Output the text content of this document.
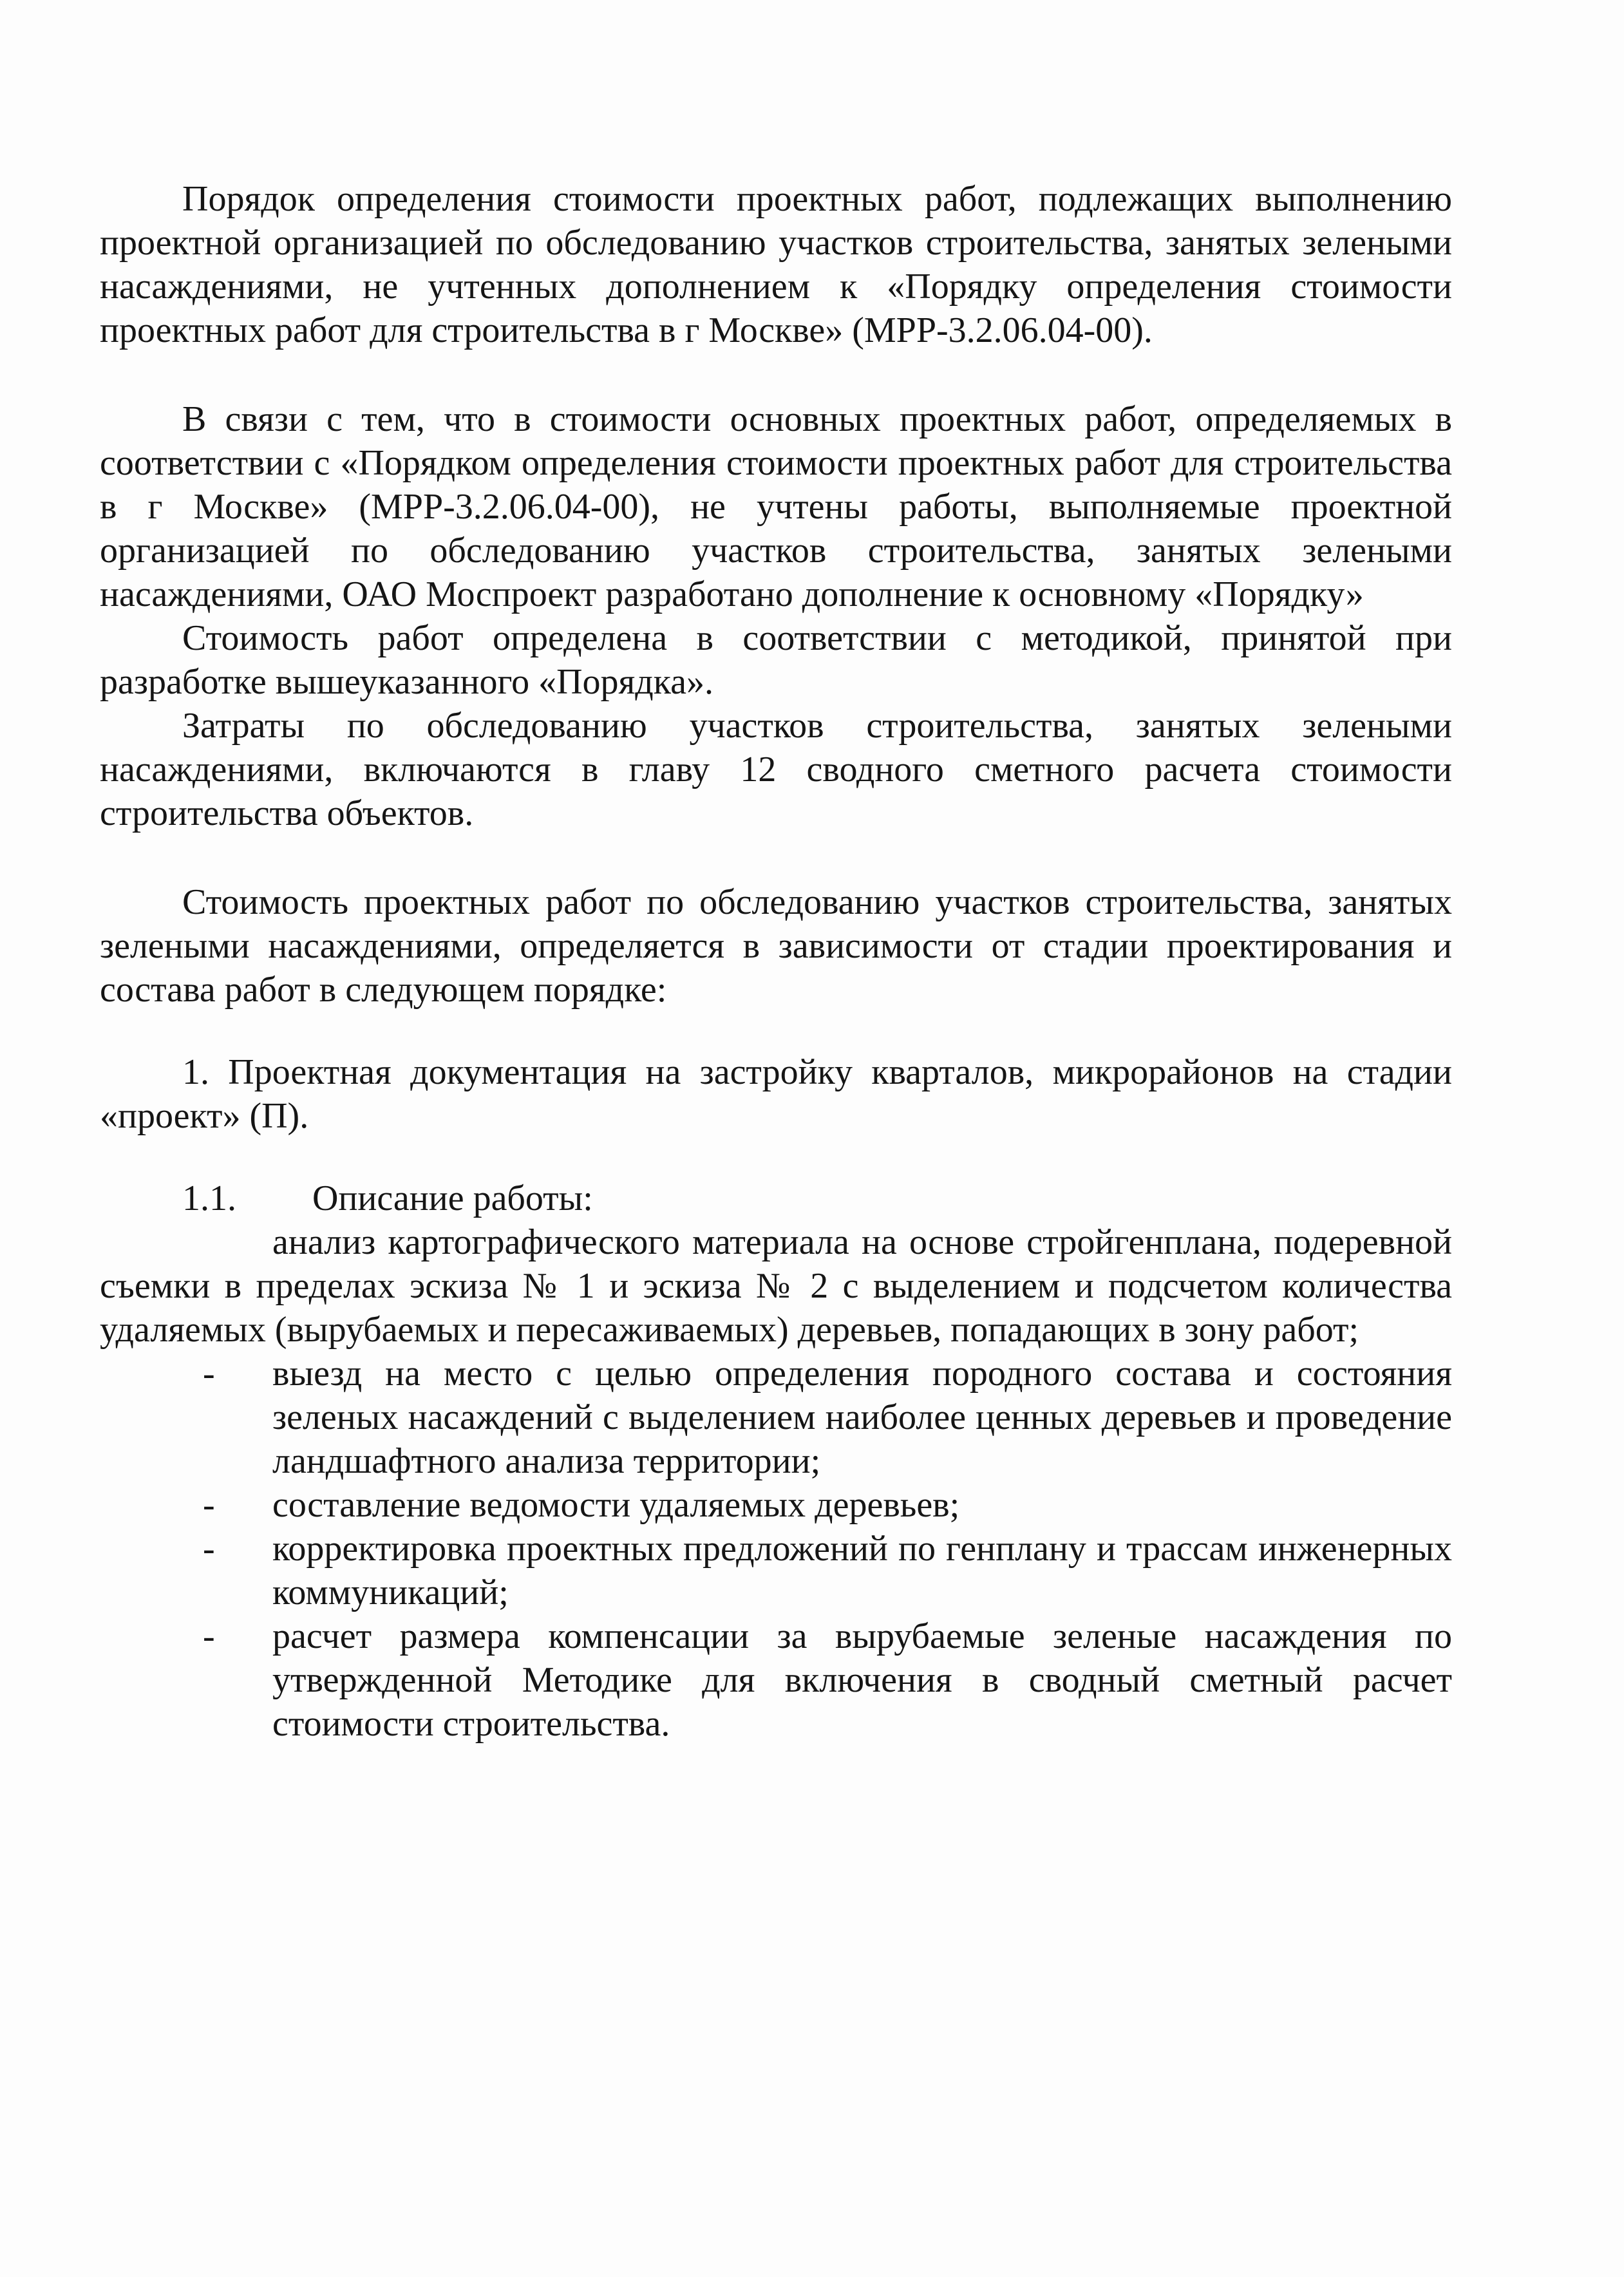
Порядок определения стоимости проектных работ, подлежащих выполнению проектной организацией по обследованию участков строительства, занятых зелеными насаждениями, не учтенных дополнением к «Порядку определения стоимости проектных работ для строительства в г Москве» (МРР-3.2.06.04-00).

В связи с тем, что в стоимости основных проектных работ, определяемых в соответствии с «Порядком определения стоимости проектных работ для строительства в г Москве» (МРР-3.2.06.04-00), не учтены работы, выполняемые проектной организацией по обследованию участков строительства, занятых зелеными насаждениями, ОАО Моспроект разработано дополнение к основному «Порядку»

Стоимость работ определена в соответствии с методикой, принятой при разработке вышеуказанного «Порядка».

Затраты по обследованию участков строительства, занятых зелеными насаждениями, включаются в главу 12 сводного сметного расчета стоимости строительства объектов.

Стоимость проектных работ по обследованию участков строительства, занятых зелеными насаждениями, определяется в зависимости от стадии проектирования и состава работ в следующем порядке:

1. Проектная документация на застройку кварталов, микрорайонов на стадии «проект» (П).

1.1.	Описание работы:

анализ картографического материала на основе стройгенплана, подеревной съемки в пределах эскиза № 1 и эскиза № 2 с выделением и подсчетом количества удаляемых (вырубаемых и пересаживаемых) деревьев, попадающих в зону работ;

- выезд на место с целью определения породного состава и состояния зеленых насаждений с выделением наиболее ценных деревьев и проведение ландшафтного анализа территории;
- составление ведомости удаляемых деревьев;
- корректировка проектных предложений по генплану и трассам инженерных коммуникаций;
- расчет размера компенсации за вырубаемые зеленые насаждения по утвержденной Методике для включения в сводный сметный расчет стоимости строительства.
